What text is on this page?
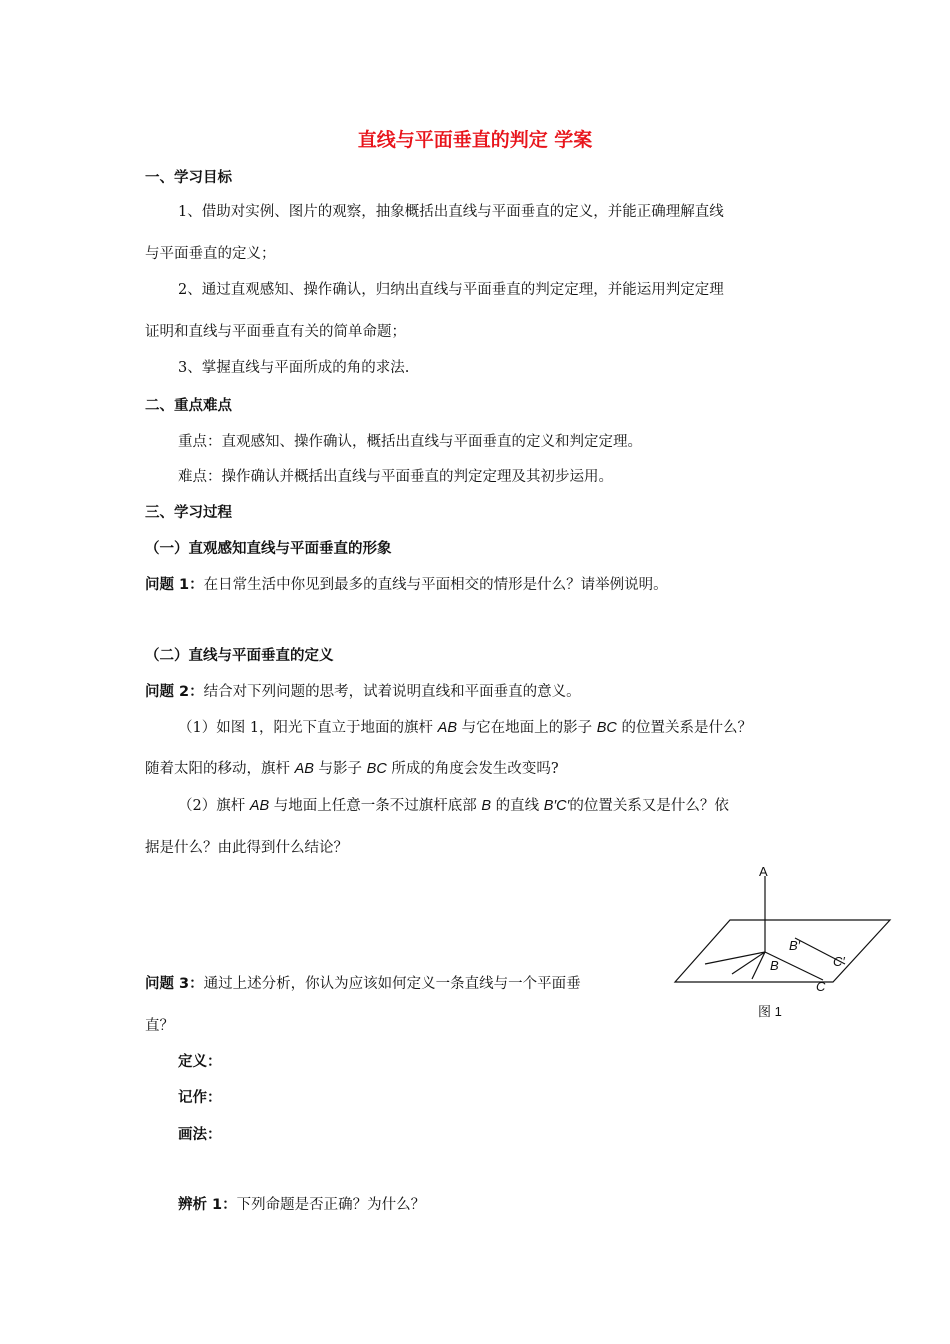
直线与平面垂直的判定 学案
一、学习目标
1、借助对实例、图片的观察，抽象概括出直线与平面垂直的定义，并能正确理解直线
与平面垂直的定义；
2、通过直观感知、操作确认，归纳出直线与平面垂直的判定定理，并能运用判定定理
证明和直线与平面垂直有关的简单命题；
3、掌握直线与平面所成的角的求法.
二、重点难点
重点：直观感知、操作确认，概括出直线与平面垂直的定义和判定定理。
难点：操作确认并概括出直线与平面垂直的判定定理及其初步运用。
三、学习过程
（一）直观感知直线与平面垂直的形象
问题 1：在日常生活中你见到最多的直线与平面相交的情形是什么？请举例说明。
（二）直线与平面垂直的定义
问题 2：结合对下列问题的思考，试着说明直线和平面垂直的意义。
（1）如图 1，阳光下直立于地面的旗杆 AB 与它在地面上的影子 BC 的位置关系是什么？
随着太阳的移动，旗杆 AB 与影子 BC 所成的角度会发生改变吗?
（2）旗杆 AB 与地面上任意一条不过旗杆底部 B 的直线 B′C′的位置关系又是什么？依
据是什么？由此得到什么结论？
问题 3：通过上述分析，你认为应该如何定义一条直线与一个平面垂
直？
定义：
记作：
画法：
辨析 1：下列命题是否正确？为什么？
A
B
C
B′
C′
图 1
